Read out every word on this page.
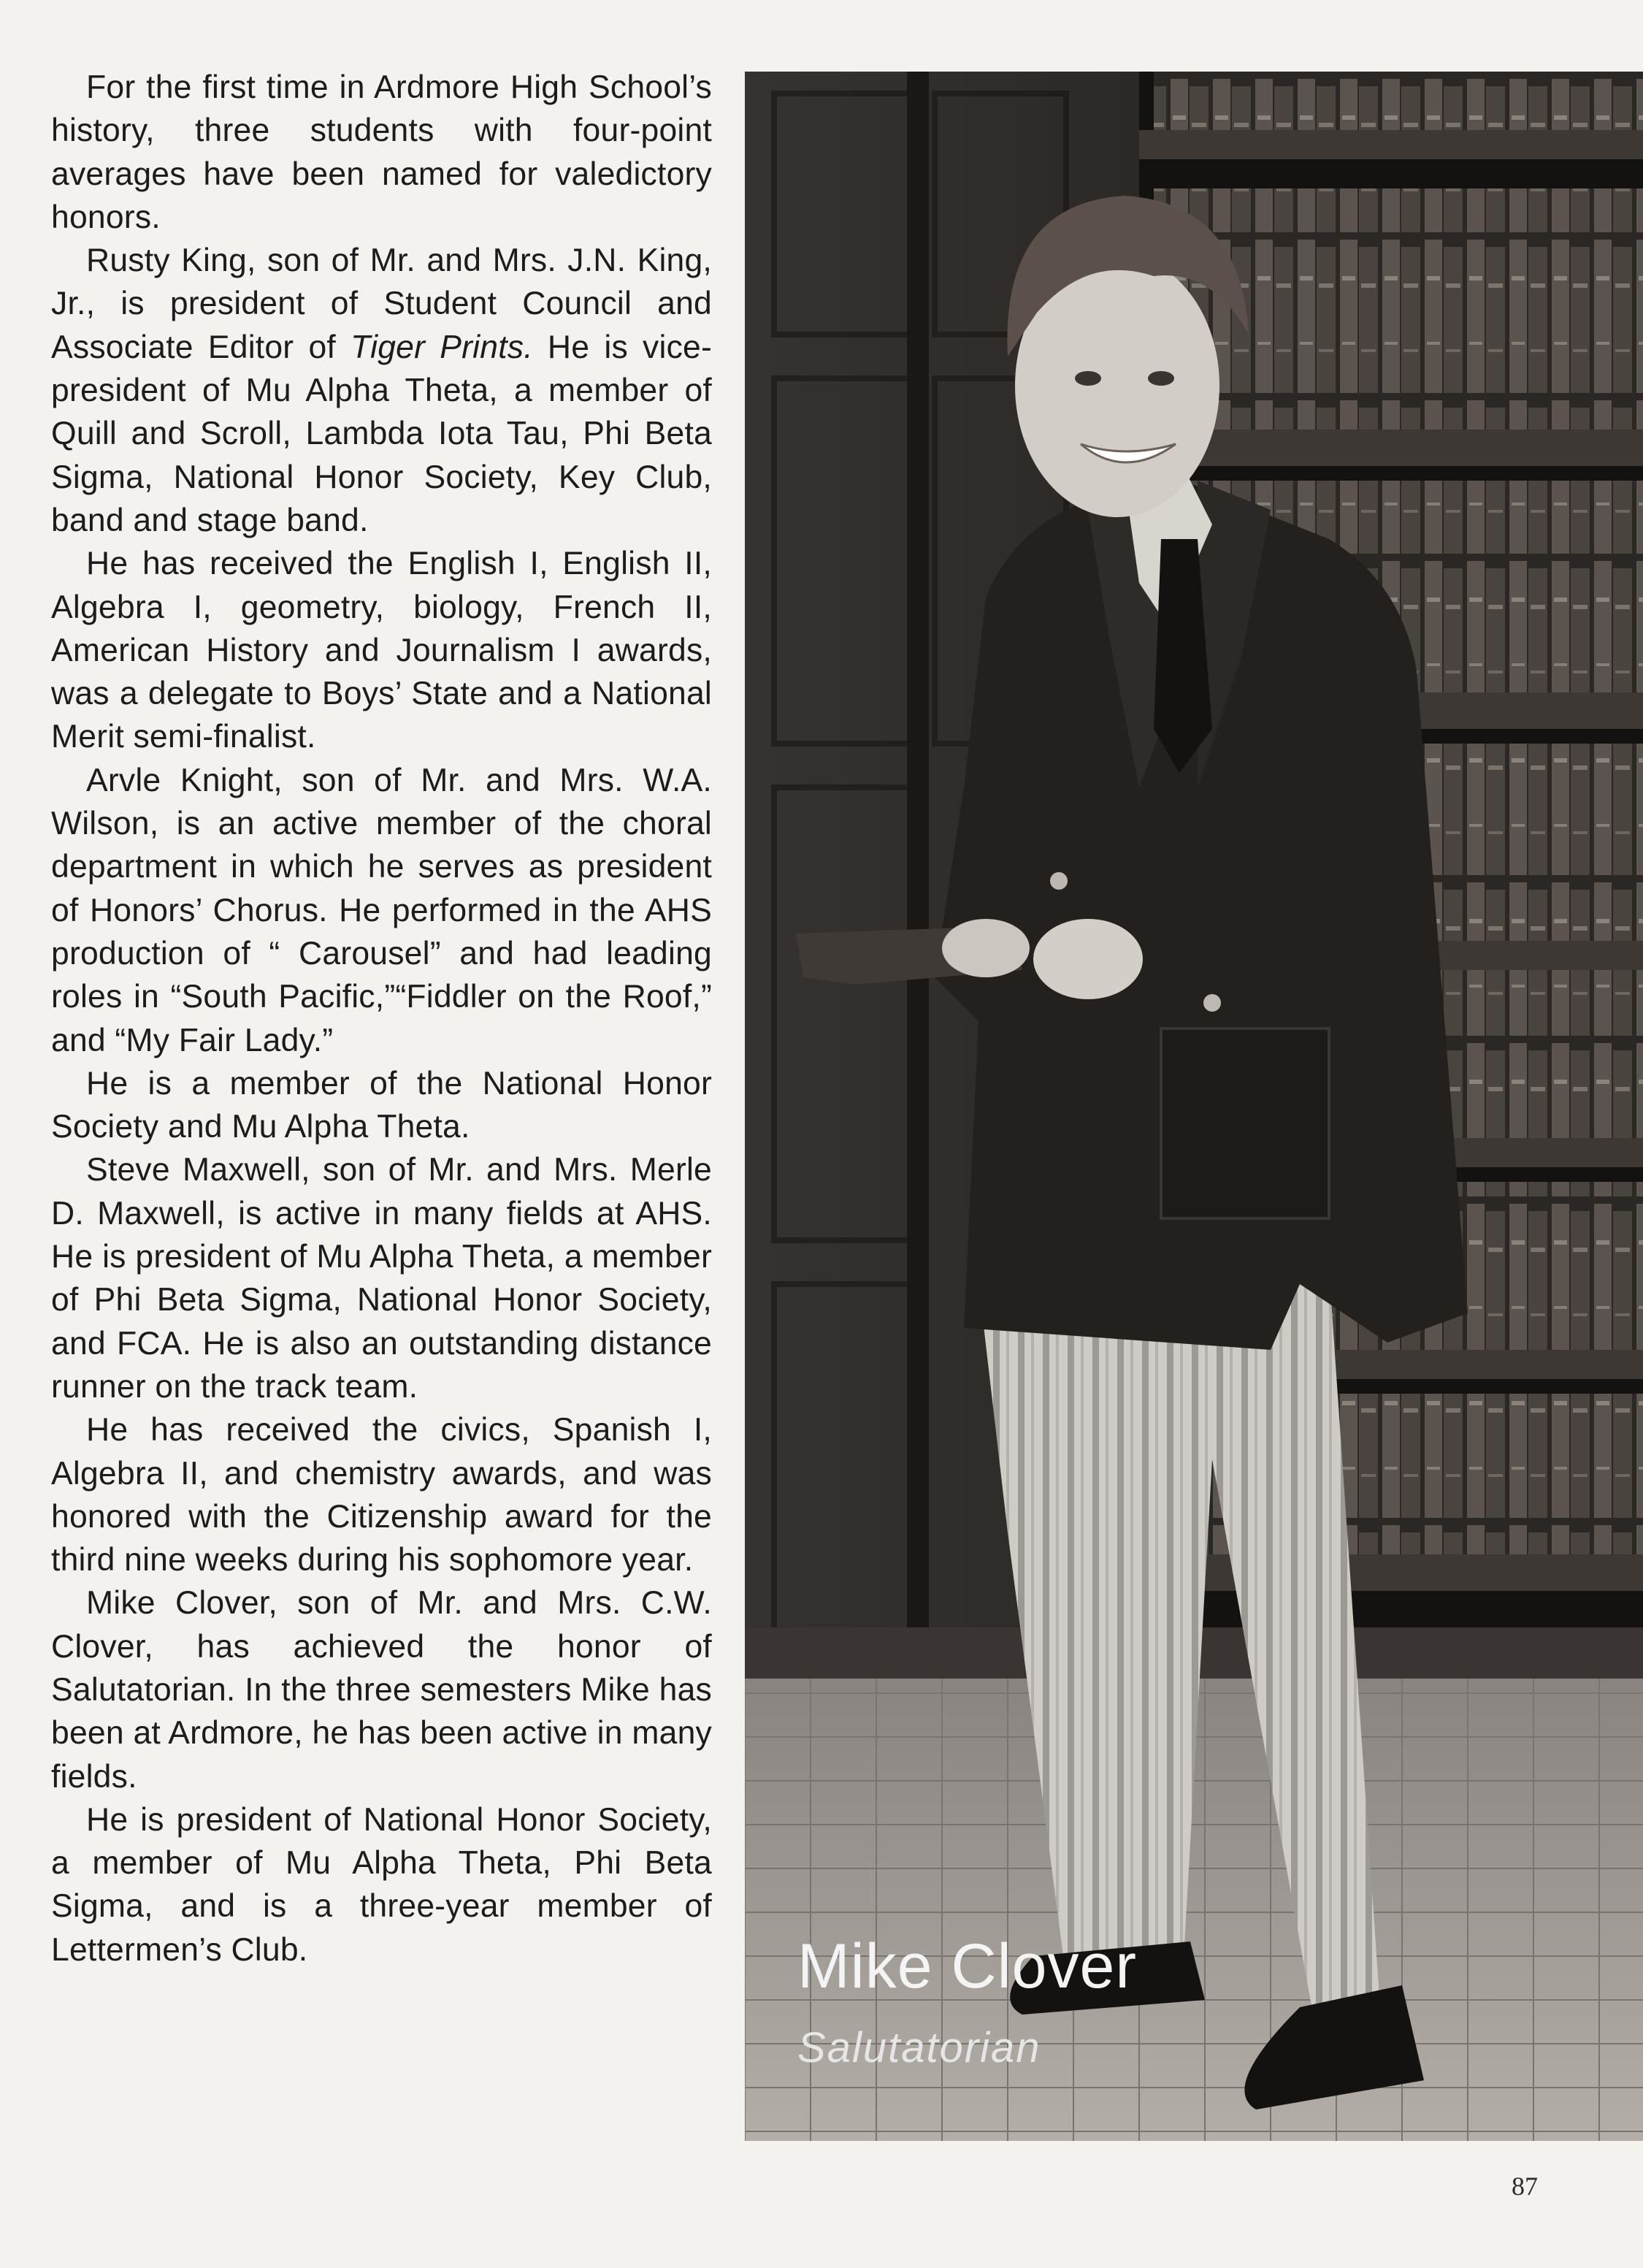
For the first time in Ardmore High School’s history, three students with four-point averages have been named for valedictory honors.

Rusty King, son of Mr. and Mrs. J.N. King, Jr., is president of Student Council and Associate Editor of Tiger Prints. He is vice-president of Mu Alpha Theta, a member of Quill and Scroll, Lambda Iota Tau, Phi Beta Sigma, National Honor Society, Key Club, band and stage band.

He has received the English I, English II, Algebra I, geometry, biology, French II, American History and Journalism I awards, was a delegate to Boys’ State and a National Merit semi-finalist.

Arvle Knight, son of Mr. and Mrs. W.A. Wilson, is an active member of the choral department in which he serves as president of Honors’ Chorus. He performed in the AHS production of “ Carousel” and had leading roles in “South Pacific,”“Fiddler on the Roof,” and “My Fair Lady.”

He is a member of the National Honor Society and Mu Alpha Theta.

Steve Maxwell, son of Mr. and Mrs. Merle D. Maxwell, is active in many fields at AHS. He is president of Mu Alpha Theta, a member of Phi Beta Sigma, National Honor Society, and FCA. He is also an outstanding distance runner on the track team.

He has received the civics, Spanish I, Algebra II, and chemistry awards, and was honored with the Citizenship award for the third nine weeks during his sophomore year.

Mike Clover, son of Mr. and Mrs. C.W. Clover, has achieved the honor of Salutatorian. In the three semesters Mike has been at Ardmore, he has been active in many fields.

He is president of National Honor Society, a member of Mu Alpha Theta, Phi Beta Sigma, and is a three-year member of Lettermen’s Club.	Mike Clover
Salutatorian
87
